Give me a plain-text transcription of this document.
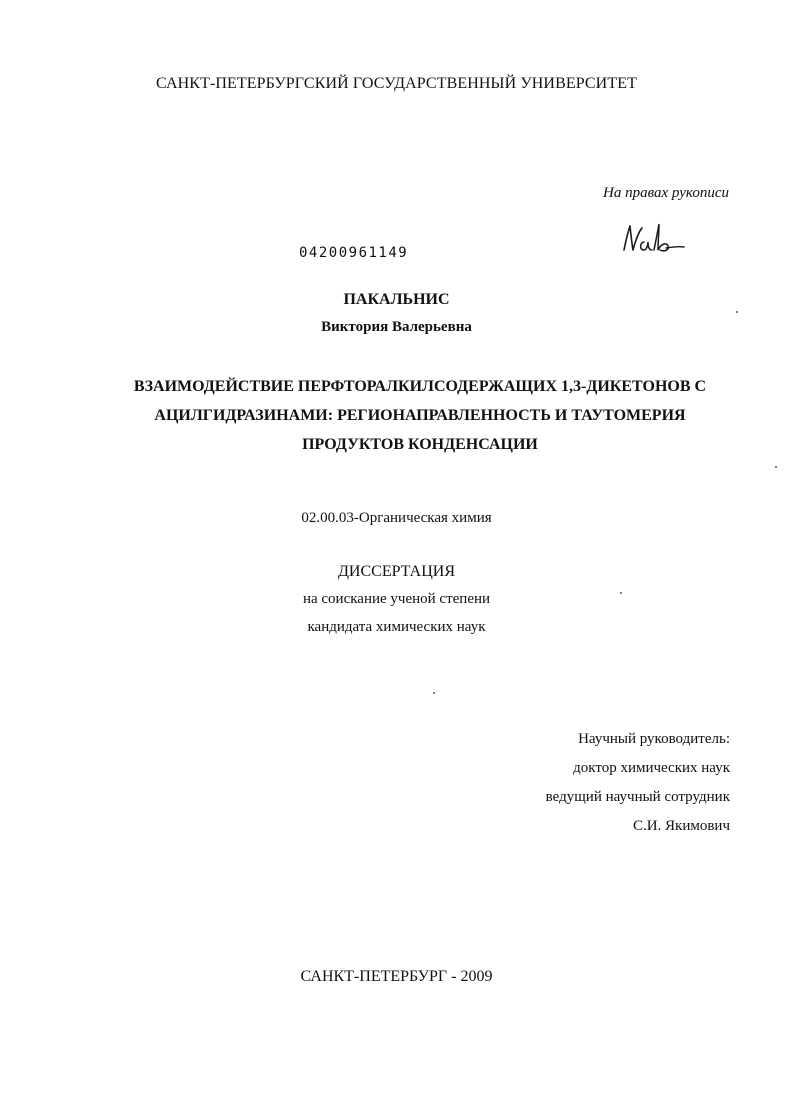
САНКТ-ПЕТЕРБУРГСКИЙ ГОСУДАРСТВЕННЫЙ УНИВЕРСИТЕТ
На правах рукописи
04200961149
ПАКАЛЬНИС
Виктория Валерьевна
ВЗАИМОДЕЙСТВИЕ ПЕРФТОРАЛКИЛСОДЕРЖАЩИХ 1,3-ДИКЕТОНОВ С
АЦИЛГИДРАЗИНАМИ: РЕГИОНАПРАВЛЕННОСТЬ И ТАУТОМЕРИЯ
ПРОДУКТОВ КОНДЕНСАЦИИ
02.00.03-Органическая химия
ДИССЕРТАЦИЯ
на соискание ученой степени
кандидата химических наук
Научный руководитель:
доктор химических наук
ведущий научный сотрудник
С.И. Якимович
САНКТ-ПЕТЕРБУРГ - 2009
